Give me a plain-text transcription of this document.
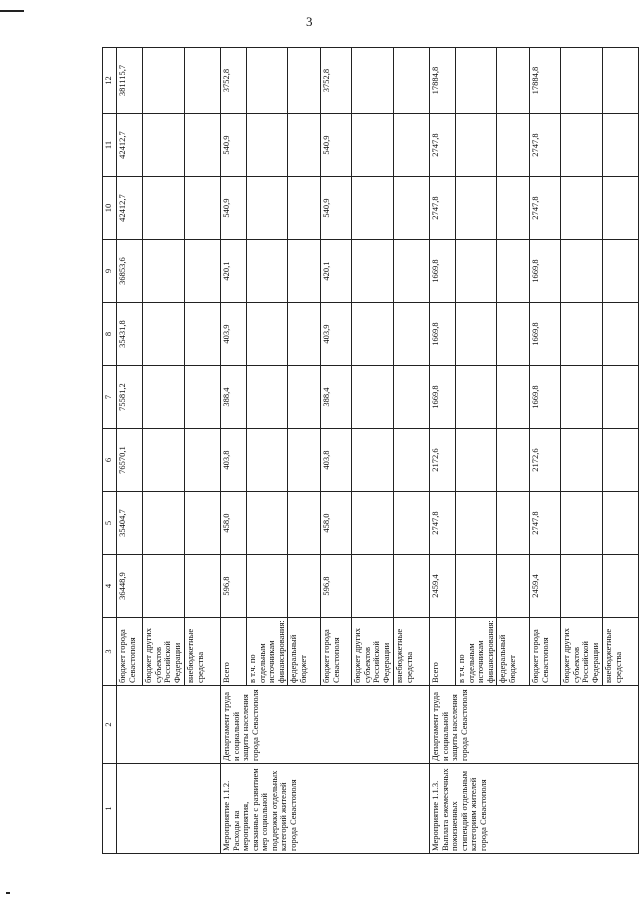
3
1	2	3	4	5	6	7	8	9	10	11	12
		бюджет города Севастополя	36448,9	35404,7	76570,1	75581,2	35431,8	36853,6	42412,7	42412,7	381115,7
		бюджет других субъектов Российской Федерации									
		внебюджетные средства									
Мероприятие 1.1.2. Расходы на мероприятия, связанные с развитием мер социальной поддержки отдельных категорий жителей города Севастополя	Департамент труда и социальной защиты населения города Севастополя	Всего	596,8	458,0	403,8	388,4	403,9	420,1	540,9	540,9	3752,8
		в т.ч. по отдельным источникам финансирования:									
		федеральный бюджет									
		бюджет города Севастополя	596,8	458,0	403,8	388,4	403,9	420,1	540,9	540,9	3752,8
		бюджет других субъектов Российской Федерации									
		внебюджетные средства									
Мероприятие 1.1.3. Выплата ежемесячных пожизненных стипендий отдельным категориям жителей города Севастополя	Департамент труда и социальной защиты населения города Севастополя	Всего	2459,4	2747,8	2172,6	1669,8	1669,8	1669,8	2747,8	2747,8	17884,8
		в т.ч. по отдельным источникам финансирования:									
		федеральный бюджет									
		бюджет города Севастополя	2459,4	2747,8	2172,6	1669,8	1669,8	1669,8	2747,8	2747,8	17884,8
		бюджет других субъектов Российской Федерации									
		внебюджетные средства									
